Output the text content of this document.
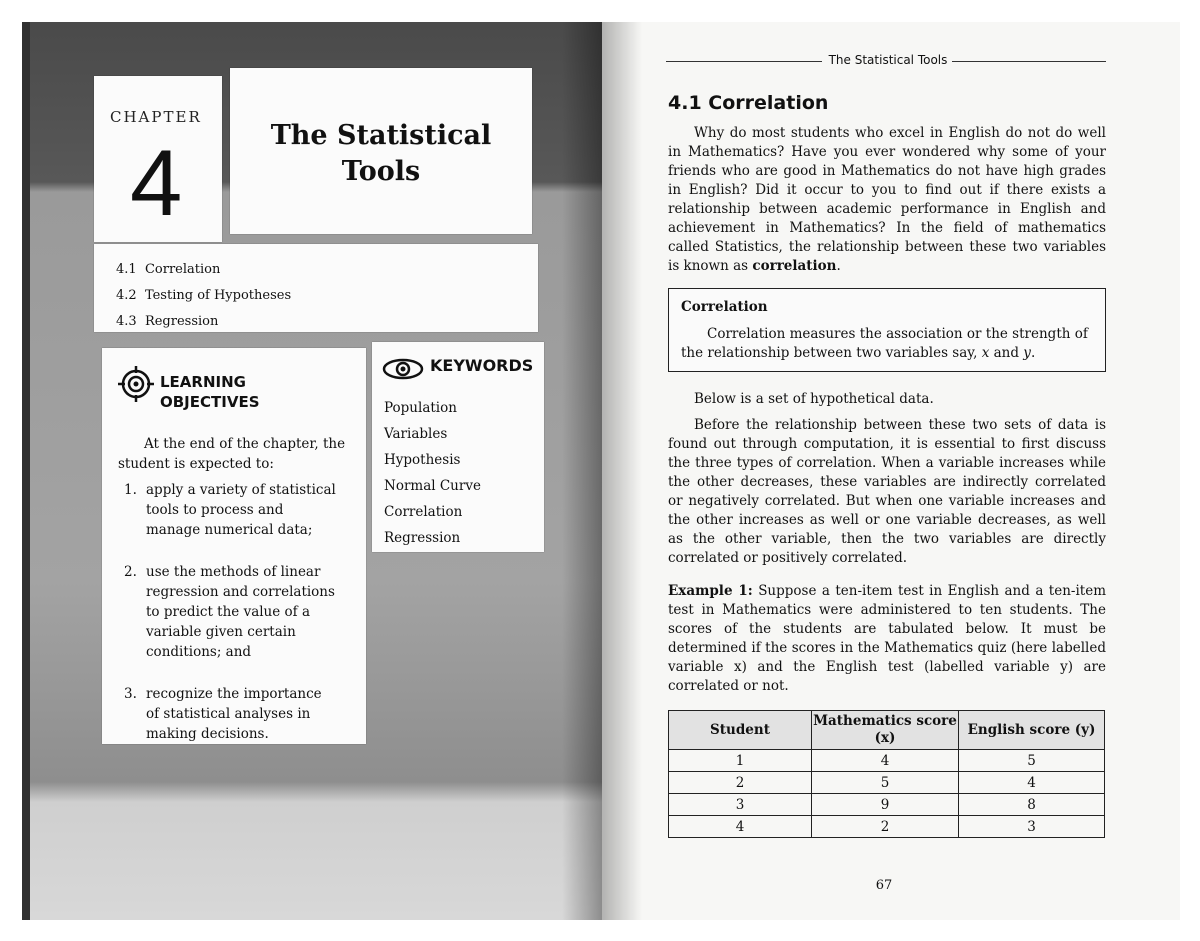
CHAPTER
4	The Statistical
Tools
4.1 Correlation
4.2 Testing of Hypotheses
4.3 Regression
LEARNING
OBJECTIVES
At the end of the chapter, the student is expected to:
1. apply a variety of statistical tools to process and manage numerical data;
2. use the methods of linear regression and correlations to predict the value of a variable given certain conditions; and
3. recognize the importance of statistical analyses in making decisions.
KEYWORDS
Population
Variables
Hypothesis
Normal Curve
Correlation
Regression
The Statistical Tools
4.1 Correlation
Why do most students who excel in English do not do well in Mathematics? Have you ever wondered why some of your friends who are good in Mathematics do not have high grades in English? Did it occur to you to find out if there exists a relationship between academic performance in English and achievement in Mathematics? In the field of mathematics called Statistics, the relationship between these two variables is known as correlation.
Correlation
Correlation measures the association or the strength of the relationship between two variables say, x and y.
Below is a set of hypothetical data.
Before the relationship between these two sets of data is found out through computation, it is essential to first discuss the three types of correlation. When a variable increases while the other decreases, these variables are indirectly correlated or negatively correlated. But when one variable increases and the other increases as well or one variable decreases, as well as the other variable, then the two variables are directly correlated or positively correlated.
Example 1: Suppose a ten-item test in English and a ten-item test in Mathematics were administered to ten students. The scores of the students are tabulated below. It must be determined if the scores in the Mathematics quiz (here labelled variable x) and the English test (labelled variable y) are correlated or not.
Student	Mathematics score (x)	English score (y)
1	4	5
2	5	4
3	9	8
4	2	3
67
